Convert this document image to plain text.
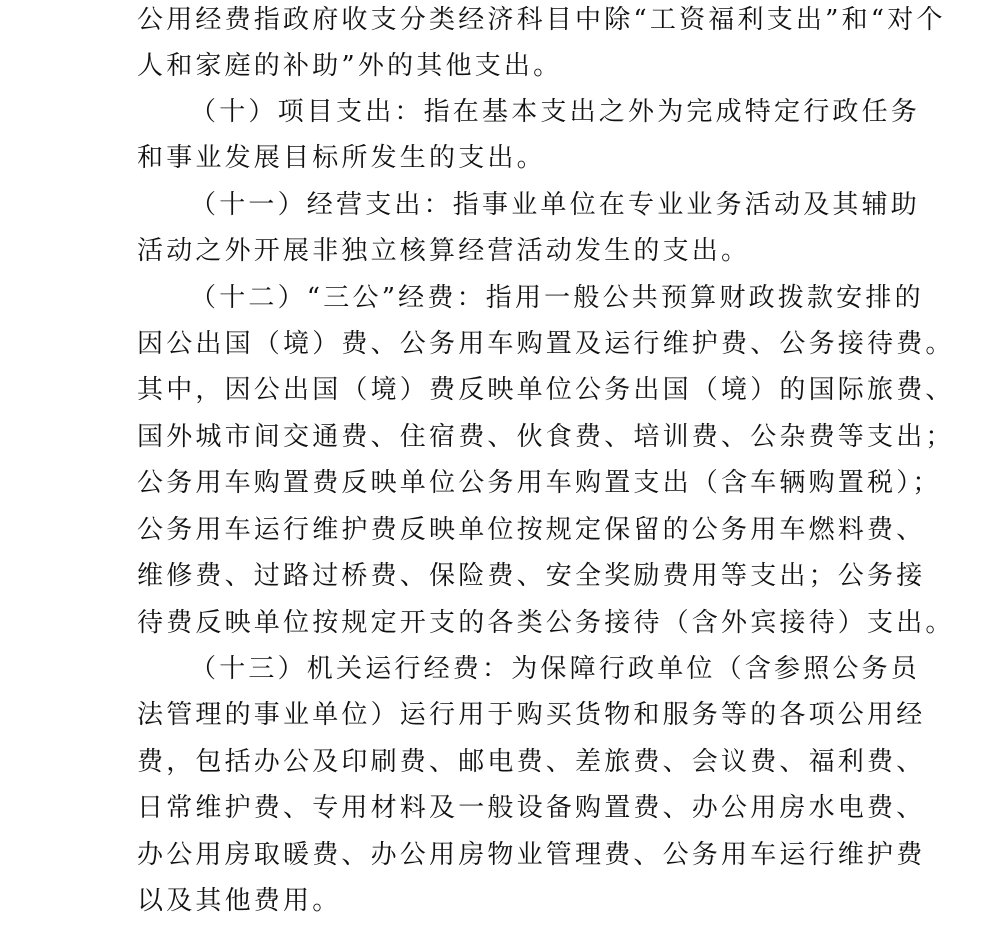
公用经费指政府收支分类经济科目中除“工资福利支出”和“对个
人和家庭的补助”外的其他支出。
（十）项目支出：指在基本支出之外为完成特定行政任务
和事业发展目标所发生的支出。
（十一）经营支出：指事业单位在专业业务活动及其辅助
活动之外开展非独立核算经营活动发生的支出。
（十二）“三公”经费：指用一般公共预算财政拨款安排的
因公出国（境）费、公务用车购置及运行维护费、公务接待费。
其中，因公出国（境）费反映单位公务出国（境）的国际旅费、
国外城市间交通费、住宿费、伙食费、培训费、公杂费等支出；
公务用车购置费反映单位公务用车购置支出（含车辆购置税）；
公务用车运行维护费反映单位按规定保留的公务用车燃料费、
维修费、过路过桥费、保险费、安全奖励费用等支出；公务接
待费反映单位按规定开支的各类公务接待（含外宾接待）支出。
（十三）机关运行经费：为保障行政单位（含参照公务员
法管理的事业单位）运行用于购买货物和服务等的各项公用经
费，包括办公及印刷费、邮电费、差旅费、会议费、福利费、
日常维护费、专用材料及一般设备购置费、办公用房水电费、
办公用房取暖费、办公用房物业管理费、公务用车运行维护费
以及其他费用。
